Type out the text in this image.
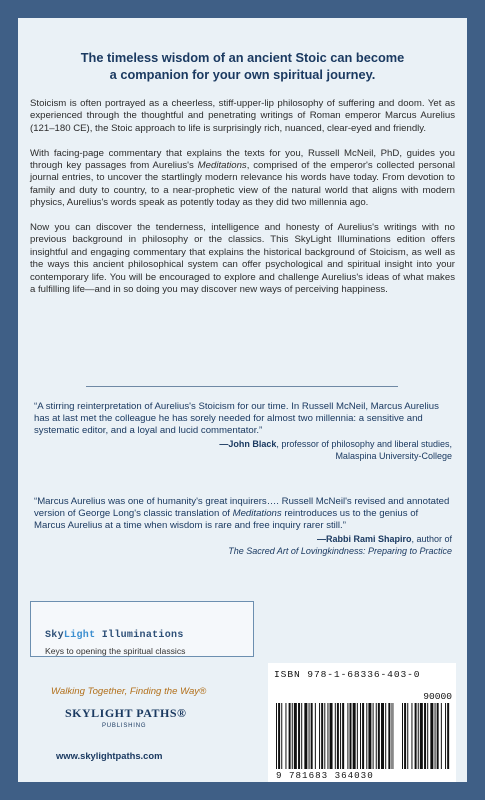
The timeless wisdom of an ancient Stoic can become
a companion for your own spiritual journey.

Stoicism is often portrayed as a cheerless, stiff-upper-lip philosophy of suffering and doom. Yet as experienced through the thoughtful and penetrating writings of Roman emperor Marcus Aurelius (121–180 CE), the Stoic approach to life is surprisingly rich, nuanced, clear-eyed and friendly.

With facing-page commentary that explains the texts for you, Russell McNeil, PhD, guides you through key passages from Aurelius's Meditations, comprised of the emperor's collected personal journal entries, to uncover the startlingly modern relevance his words have today. From devotion to family and duty to country, to a near-prophetic view of the natural world that aligns with modern physics, Aurelius's words speak as potently today as they did two millennia ago.

Now you can discover the tenderness, intelligence and honesty of Aurelius's writings with no previous background in philosophy or the classics. This SkyLight Illuminations edition offers insightful and engaging commentary that explains the historical background of Stoicism, as well as the ways this ancient philosophical system can offer psychological and spiritual insight into your contemporary life. You will be encouraged to explore and challenge Aurelius's ideas of what makes a fulfilling life—and in so doing you may discover new ways of perceiving happiness.

“A stirring reinterpretation of Aurelius's Stoicism for our time. In Russell McNeil, Marcus Aurelius has at last met the colleague he has sorely needed for almost two millennia: a sensitive and systematic editor, and a loyal and lucid commentator.”
—John Black, professor of philosophy and liberal studies,
Malaspina University-College
“Marcus Aurelius was one of humanity's great inquirers…. Russell McNeil's revised and annotated version of George Long's classic translation of Meditations reintroduces us to the genius of Marcus Aurelius at a time when wisdom is rare and free inquiry rarer still.”
—Rabbi Rami Shapiro, author of
The Sacred Art of Lovingkindness: Preparing to Practice
SkyLight Illuminations
Keys to opening the spiritual classics
Walking Together, Finding the Way®
SKYLIGHT PATHS®
PUBLISHING
www.skylightpaths.com
ISBN 978-1-68336-403-0
90000
9 781683 364030
